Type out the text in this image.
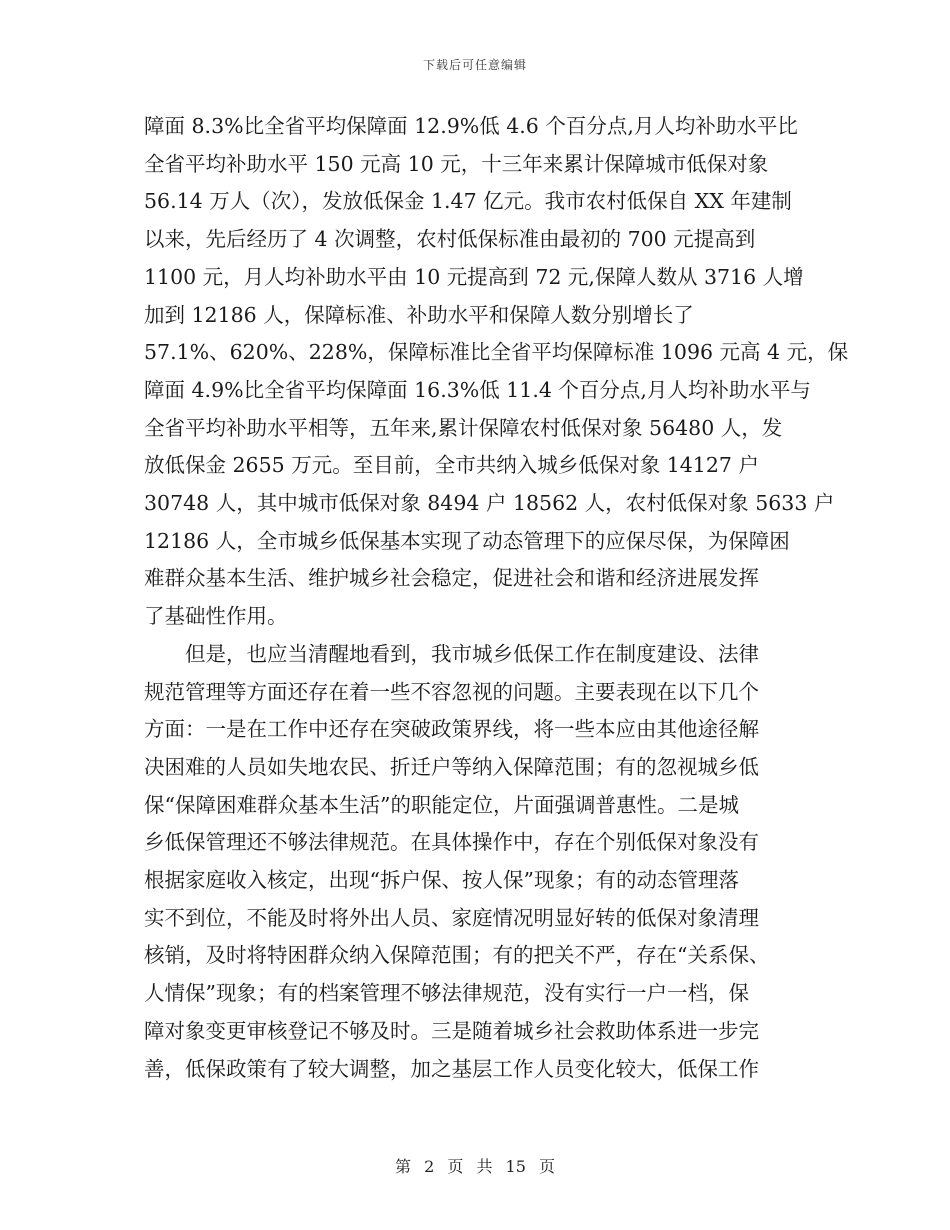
下载后可任意编辑

障面 8.3%比全省平均保障面 12.9%低 4.6 个百分点,月人均补助水平比

全省平均补助水平 150 元高 10 元，十三年来累计保障城市低保对象

56.14 万人（次），发放低保金 1.47 亿元。我市农村低保自 XX 年建制

以来，先后经历了 4 次调整，农村低保标准由最初的 700 元提高到

1100 元，月人均补助水平由 10 元提高到 72 元,保障人数从 3716 人增

加到 12186 人，保障标准、补助水平和保障人数分别增长了

57.1%、620%、228%，保障标准比全省平均保障标准 1096 元高 4 元，保

障面 4.9%比全省平均保障面 16.3%低 11.4 个百分点,月人均补助水平与

全省平均补助水平相等，五年来,累计保障农村低保对象 56480 人，发

放低保金 2655 万元。至目前，全市共纳入城乡低保对象 14127 户

30748 人，其中城市低保对象 8494 户 18562 人，农村低保对象 5633 户

12186 人，全市城乡低保基本实现了动态管理下的应保尽保，为保障困

难群众基本生活、维护城乡社会稳定，促进社会和谐和经济进展发挥

了基础性作用。

但是，也应当清醒地看到，我市城乡低保工作在制度建设、法律

规范管理等方面还存在着一些不容忽视的问题。主要表现在以下几个

方面：一是在工作中还存在突破政策界线，将一些本应由其他途径解

决困难的人员如失地农民、折迁户等纳入保障范围；有的忽视城乡低

保“保障困难群众基本生活”的职能定位，片面强调普惠性。二是城

乡低保管理还不够法律规范。在具体操作中，存在个别低保对象没有

根据家庭收入核定，出现“拆户保、按人保”现象；有的动态管理落

实不到位，不能及时将外出人员、家庭情况明显好转的低保对象清理

核销，及时将特困群众纳入保障范围；有的把关不严，存在“关系保、

人情保”现象；有的档案管理不够法律规范，没有实行一户一档，保

障对象变更审核登记不够及时。三是随着城乡社会救助体系进一步完

善，低保政策有了较大调整，加之基层工作人员变化较大，低保工作

第 2 页 共 15 页
